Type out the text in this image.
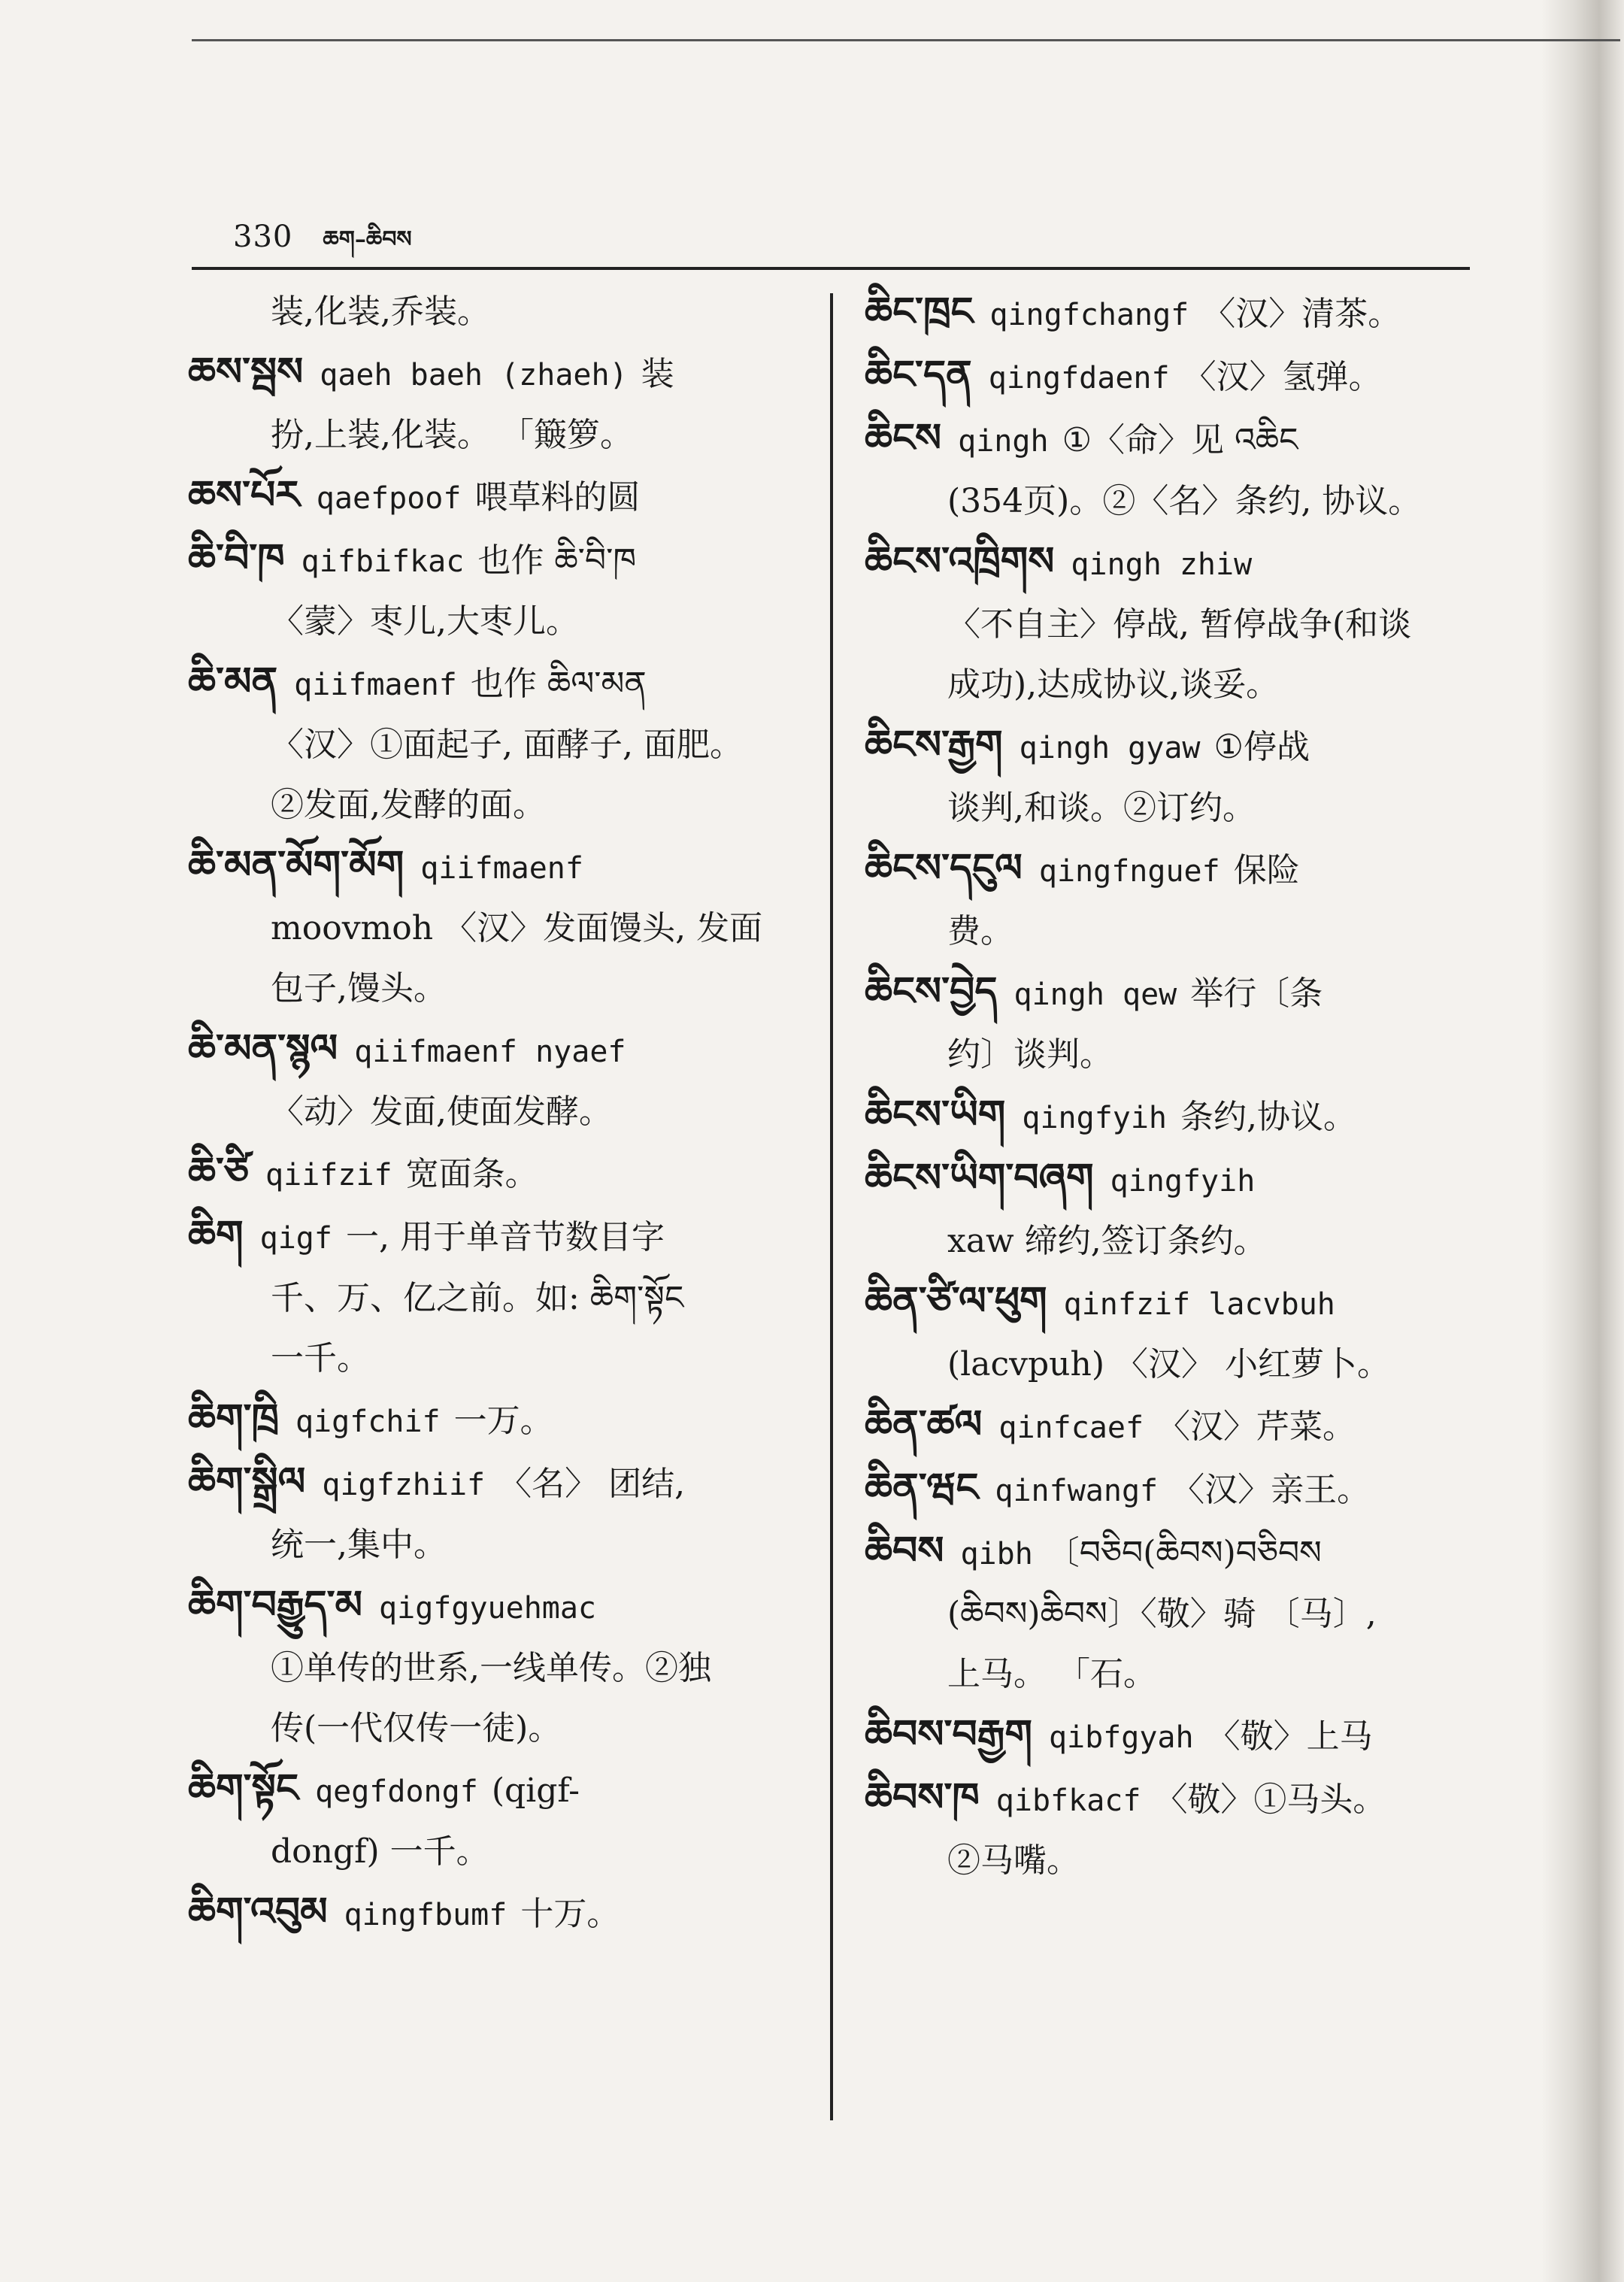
330 ཆག–ཆིབས

装,化装,乔装。

ཆས་སྦས qaeh baeh (zhaeh) 装

扮,上装,化装。 「簸箩。

ཆས་པོར qaefpoof 喂草料的圆

ཆི་བི་ཁ qifbifkac 也作 ཆི་བི་ཁ

〈蒙〉枣儿,大枣儿。

ཆི་མན qiifmaenf 也作 ཆིལ་མན

〈汉〉①面起子, 面酵子, 面肥。

②发面,发酵的面。

ཆི་མན་མོག་མོག qiifmaenf

moovmoh 〈汉〉发面馒头, 发面

包子,馒头。

ཆི་མན་སྙལ qiifmaenf nyaef

〈动〉发面,使面发酵。

ཆི་ཙི qiifzif 宽面条。

ཆིག qigf 一, 用于单音节数目字

千、万、亿之前。如: ཆིག་སྟོང

一千。

ཆིག་ཁྲི qigfchif 一万。

ཆིག་སྒྲིལ qigfzhiif 〈名〉 团结,

统一,集中。

ཆིག་བརྒྱུད་མ qigfgyuehmac

①单传的世系,一线单传。②独

传(一代仅传一徒)。

ཆིག་སྟོང qegfdongf (qigf-

dongf) 一千。

ཆིག་འབུམ qingfbumf 十万。

ཆིང་ཁྲང qingfchangf 〈汉〉清茶。

ཆིང་དན qingfdaenf 〈汉〉氢弹。

ཆིངས qingh ①〈命〉见 འཆིང

(354页)。②〈名〉条约, 协议。

ཆིངས་འཁྲིགས qingh zhiw

〈不自主〉停战, 暂停战争(和谈

成功),达成协议,谈妥。

ཆིངས་རྒྱག qingh gyaw ①停战

谈判,和谈。②订约。

ཆིངས་དངུལ qingfnguef 保险

费。

ཆིངས་བྱེད qingh qew 举行〔条

约〕谈判。

ཆིངས་ཡིག qingfyih 条约,协议。

ཆིངས་ཡིག་བཞག qingfyih

xaw 缔约,签订条约。

ཆིན་ཙི་ལ་ཕུག qinfzif lacvbuh

(lacvpuh) 〈汉〉 小红萝卜。

ཆིན་ཚལ qinfcaef 〈汉〉芹菜。

ཆིན་ཝང qinfwangf 〈汉〉亲王。

ཆིབས qibh 〔བཅིབ(ཆིབས)བཅིབས

(ཆིབས)ཆིབས〕〈敬〉骑 〔马〕,

上马。 「石。

ཆིབས་བརྒྱག qibfgyah 〈敬〉上马

ཆིབས་ཁ qibfkacf 〈敬〉①马头。

②马嘴。
